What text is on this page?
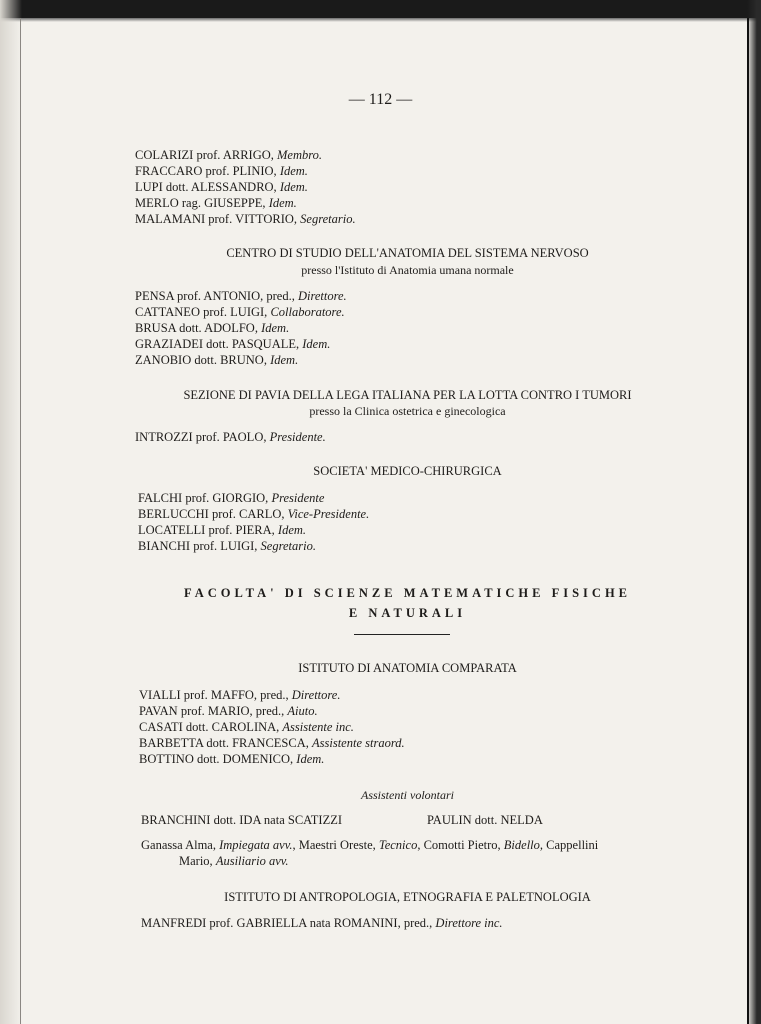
— 112 —
COLARIZI prof. ARRIGO, Membro.
FRACCARO prof. PLINIO, Idem.
LUPI dott. ALESSANDRO, Idem.
MERLO rag. GIUSEPPE, Idem.
MALAMANI prof. VITTORIO, Segretario.
CENTRO DI STUDIO DELL'ANATOMIA DEL SISTEMA NERVOSO
presso l'Istituto di Anatomia umana normale
PENSA prof. ANTONIO, pred., Direttore.
CATTANEO prof. LUIGI, Collaboratore.
BRUSA dott. ADOLFO, Idem.
GRAZIADEI dott. PASQUALE, Idem.
ZANOBIO dott. BRUNO, Idem.
SEZIONE DI PAVIA DELLA LEGA ITALIANA PER LA LOTTA CONTRO I TUMORI
presso la Clinica ostetrica e ginecologica
INTROZZI prof. PAOLO, Presidente.
SOCIETA' MEDICO-CHIRURGICA
FALCHI prof. GIORGIO, Presidente
BERLUCCHI prof. CARLO, Vice-Presidente.
LOCATELLI prof. PIERA, Idem.
BIANCHI prof. LUIGI, Segretario.
FACOLTA' DI SCIENZE MATEMATICHE FISICHE
E NATURALI
ISTITUTO DI ANATOMIA COMPARATA
VIALLI prof. MAFFO, pred., Direttore.
PAVAN prof. MARIO, pred., Aiuto.
CASATI dott. CAROLINA, Assistente inc.
BARBETTA dott. FRANCESCA, Assistente straord.
BOTTINO dott. DOMENICO, Idem.
Assistenti volontari
BRANCHINI dott. IDA nata SCATIZZI	PAULIN dott. NELDA
Ganassa Alma, Impiegata avv., Maestri Oreste, Tecnico, Comotti Pietro, Bidello, Cappellini
Mario, Ausiliario avv.
ISTITUTO DI ANTROPOLOGIA, ETNOGRAFIA E PALETNOLOGIA
MANFREDI prof. GABRIELLA nata ROMANINI, pred., Direttore inc.
